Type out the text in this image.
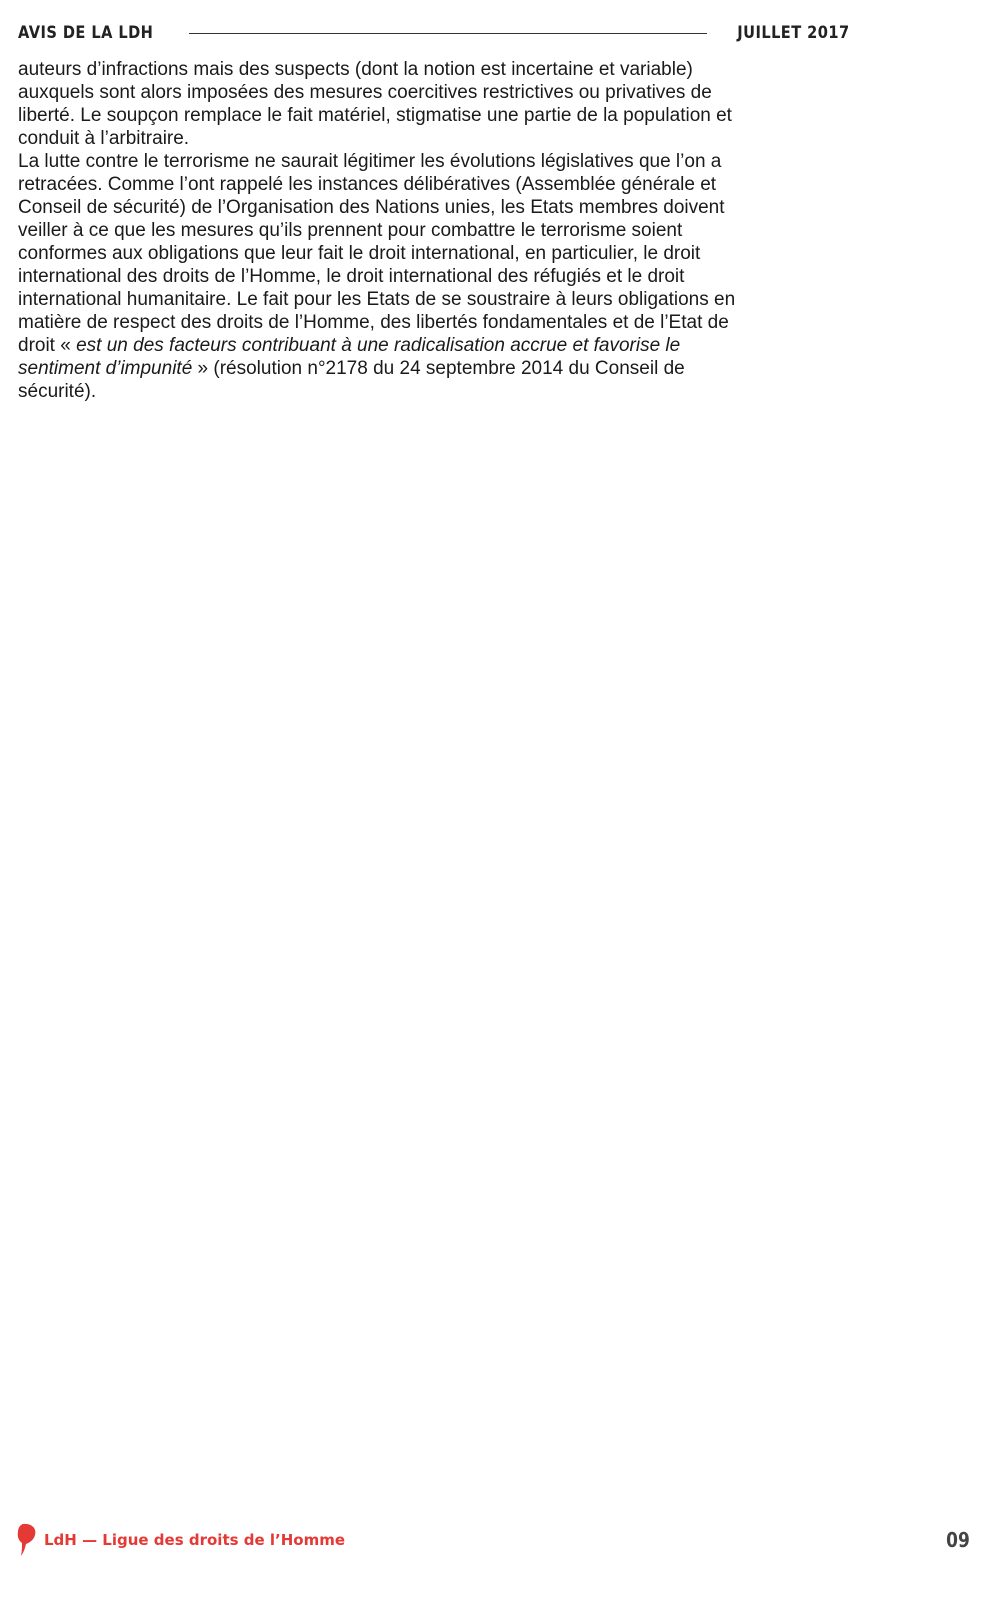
AVIS DE LA LDH	JUILLET 2017

auteurs d’infractions mais des suspects (dont la notion est incertaine et variable) auxquels sont alors imposées des mesures coercitives restrictives ou privatives de liberté. Le soupçon remplace le fait matériel, stigmatise une partie de la population et conduit à l’arbitraire.

La lutte contre le terrorisme ne saurait légitimer les évolutions législatives que l’on a retracées. Comme l’ont rappelé les instances délibératives (Assemblée générale et Conseil de sécurité) de l’Organisation des Nations unies, les Etats membres doivent veiller à ce que les mesures qu’ils prennent pour combattre le terrorisme soient conformes aux obligations que leur fait le droit international, en particulier, le droit international des droits de l’Homme, le droit international des réfugiés et le droit international humanitaire. Le fait pour les Etats de se soustraire à leurs obligations en matière de respect des droits de l’Homme, des libertés fondamentales et de l’Etat de droit « est un des facteurs contribuant à une radicalisation accrue et favorise le sentiment d’impunité » (résolution n°2178 du 24 septembre 2014 du Conseil de sécurité).

LdH — Ligue des droits de l’Homme	09
